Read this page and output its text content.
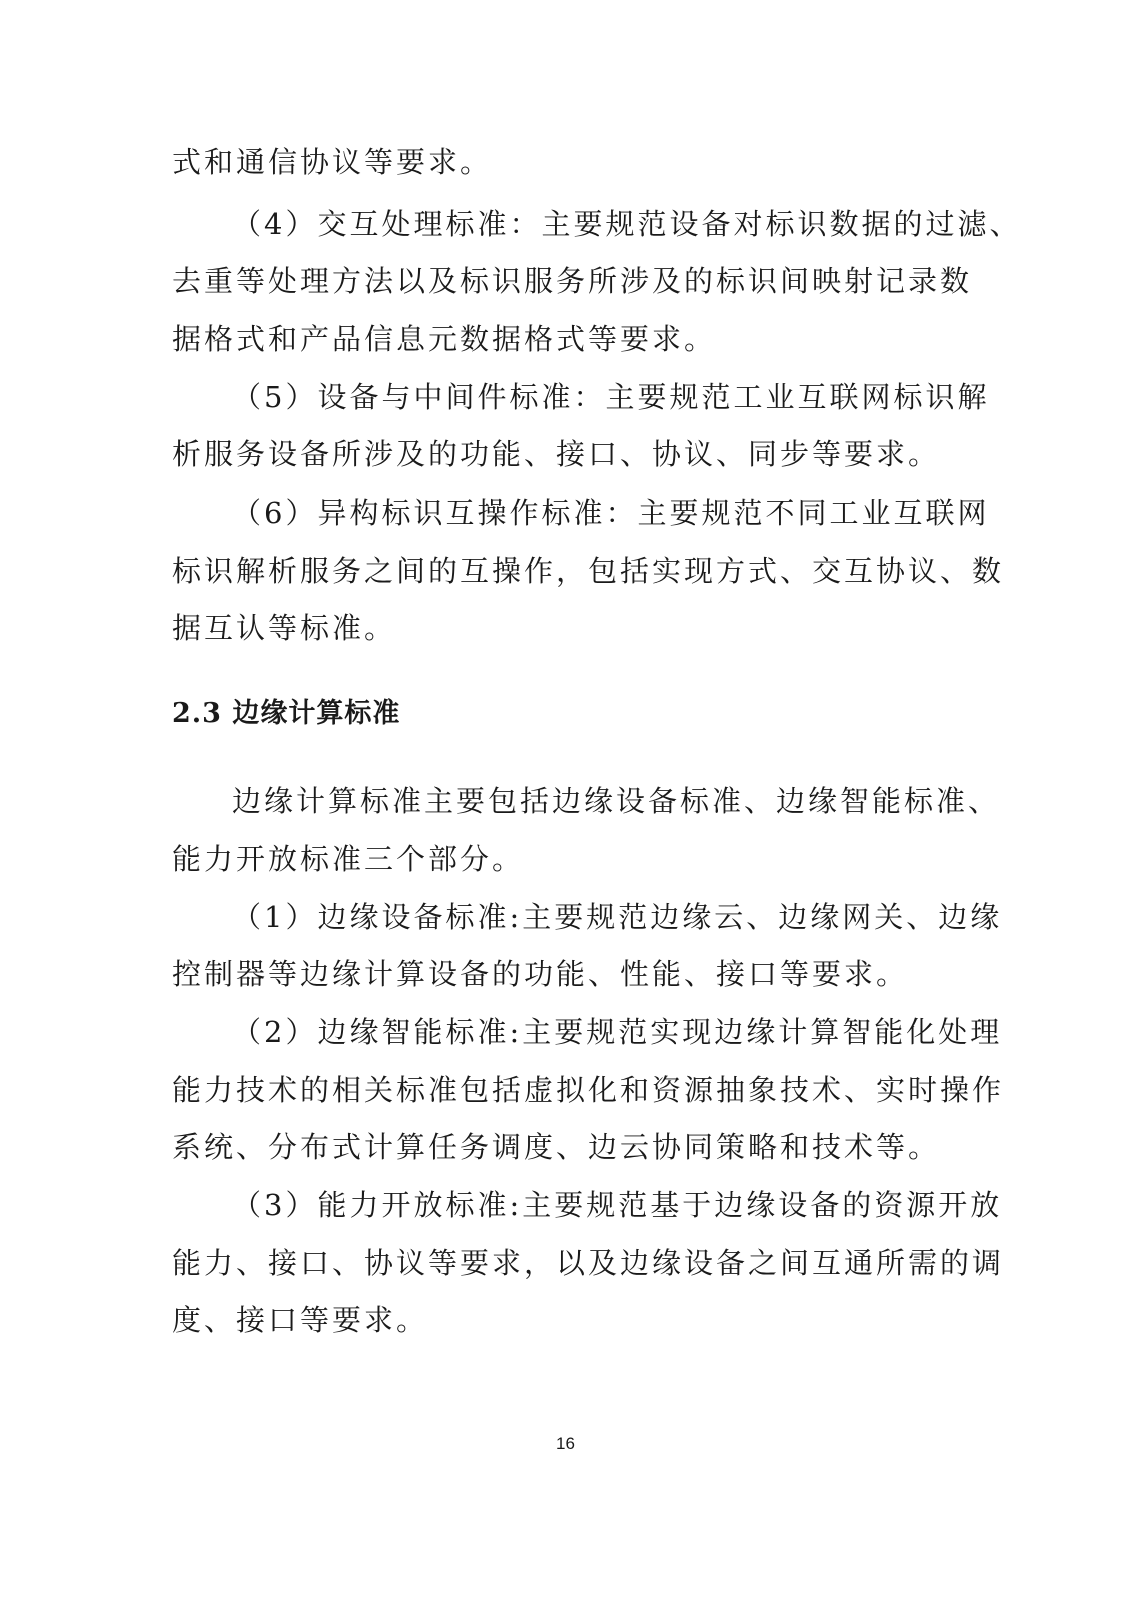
式和通信协议等要求。
（4）交互处理标准：主要规范设备对标识数据的过滤、
去重等处理方法以及标识服务所涉及的标识间映射记录数
据格式和产品信息元数据格式等要求。
（5）设备与中间件标准：主要规范工业互联网标识解
析服务设备所涉及的功能、接口、协议、同步等要求。
（6）异构标识互操作标准：主要规范不同工业互联网
标识解析服务之间的互操作，包括实现方式、交互协议、数
据互认等标准。
2.3 边缘计算标准
边缘计算标准主要包括边缘设备标准、边缘智能标准、
能力开放标准三个部分。
（1）边缘设备标准:主要规范边缘云、边缘网关、边缘
控制器等边缘计算设备的功能、性能、接口等要求。
（2）边缘智能标准:主要规范实现边缘计算智能化处理
能力技术的相关标准包括虚拟化和资源抽象技术、实时操作
系统、分布式计算任务调度、边云协同策略和技术等。
（3）能力开放标准:主要规范基于边缘设备的资源开放
能力、接口、协议等要求，以及边缘设备之间互通所需的调
度、接口等要求。
16
